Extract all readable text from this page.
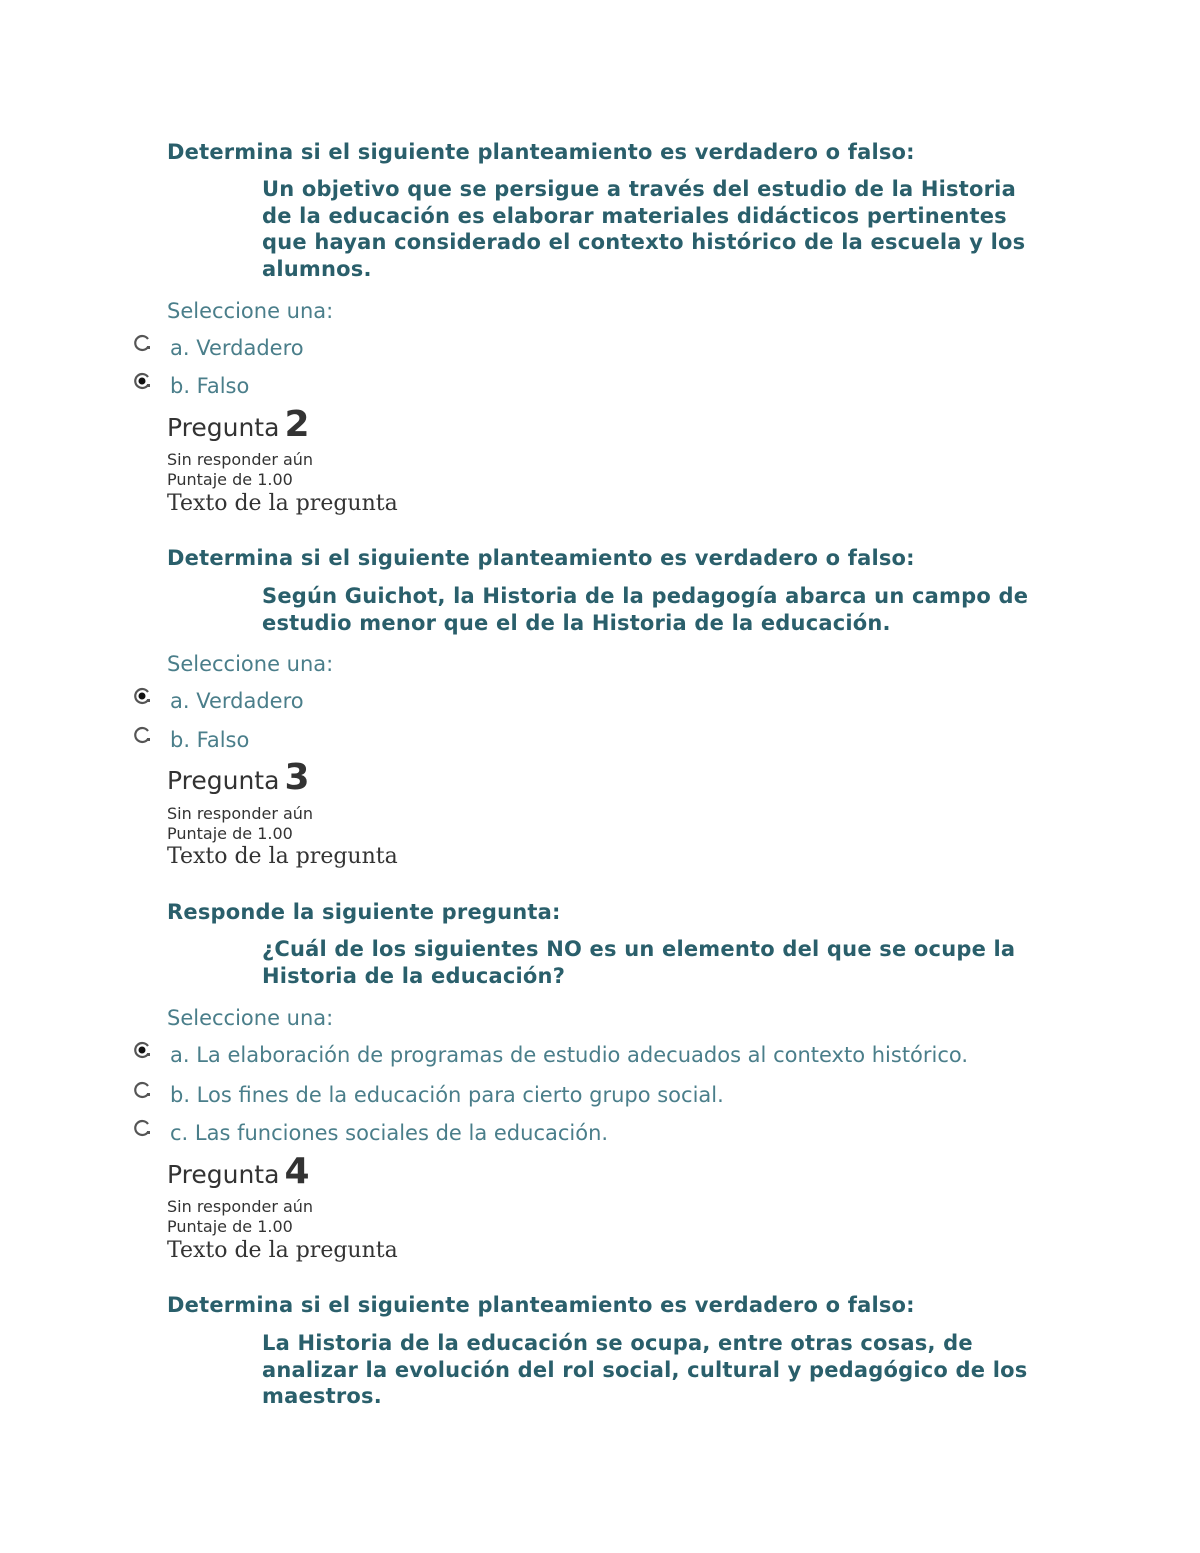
Determina si el siguiente planteamiento es verdadero o falso:
Un objetivo que se persigue a través del estudio de la Historia de la educación es elaborar materiales didácticos pertinentes que hayan considerado el contexto histórico de la escuela y los alumnos.
Seleccione una:
a. Verdadero
b. Falso
Pregunta 2
Sin responder aún
Puntaje de 1.00
Texto de la pregunta
Determina si el siguiente planteamiento es verdadero o falso:
Según Guichot, la Historia de la pedagogía abarca un campo de estudio menor que el de la Historia de la educación.
Seleccione una:
a. Verdadero
b. Falso
Pregunta 3
Sin responder aún
Puntaje de 1.00
Texto de la pregunta
Responde la siguiente pregunta:
¿Cuál de los siguientes NO es un elemento del que se ocupe la Historia de la educación?
Seleccione una:
a. La elaboración de programas de estudio adecuados al contexto histórico.
b. Los fines de la educación para cierto grupo social.
c. Las funciones sociales de la educación.
Pregunta 4
Sin responder aún
Puntaje de 1.00
Texto de la pregunta
Determina si el siguiente planteamiento es verdadero o falso:
La Historia de la educación se ocupa, entre otras cosas, de analizar la evolución del rol social, cultural y pedagógico de los maestros.
